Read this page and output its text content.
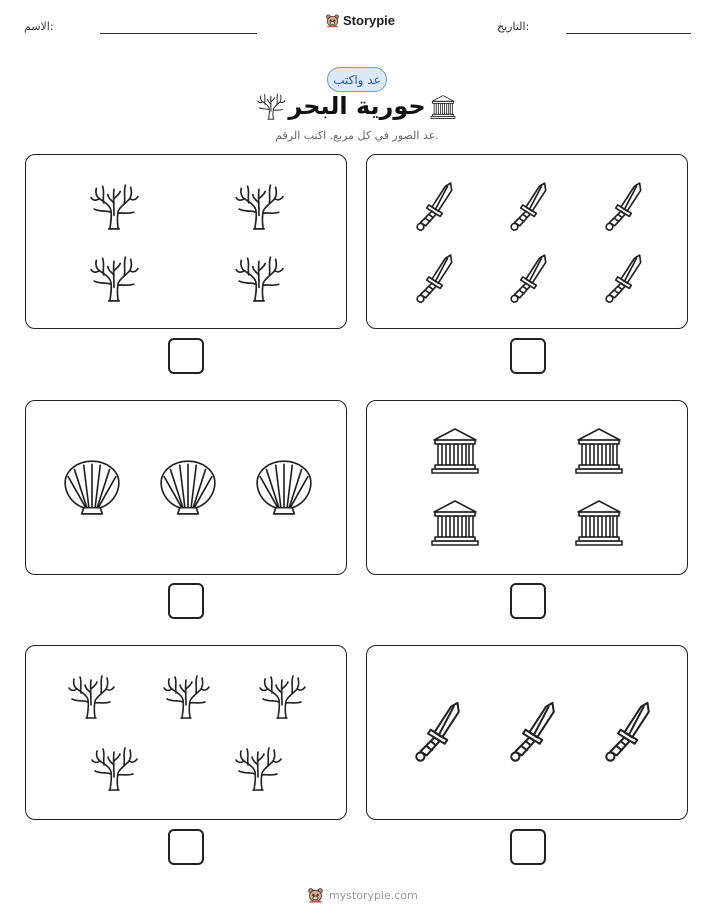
الاسم:	Storypie	التاريخ:
عد واكتب
حورية البحر
عد الصور في كل مربع. اكتب الرقم.
mystorypie.com
